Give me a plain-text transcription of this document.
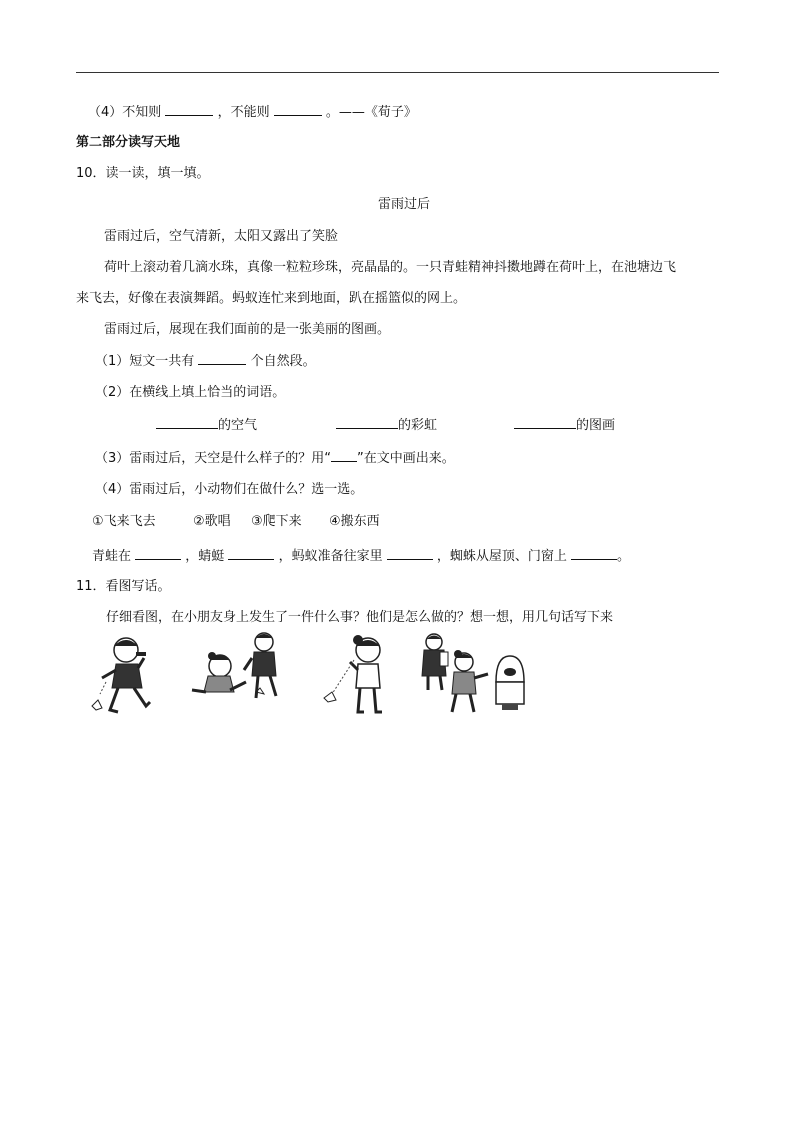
（4）不知则	，不能则	。——《荀子》
第二部分读写天地
10．读一读，填一填。
雷雨过后
雷雨过后，空气清新，太阳又露出了笑脸
荷叶上滚动着几滴水珠，真像一粒粒珍珠，亮晶晶的。一只青蛙精神抖擞地蹲在荷叶上，在池塘边飞
来飞去，好像在表演舞蹈。蚂蚁连忙来到地面，趴在摇篮似的网上。
雷雨过后，展现在我们面前的是一张美丽的图画。
（1）短文一共有	个自然段。
（2）在横线上填上恰当的词语。
的空气	的彩虹	的图画
（3）雷雨过后，天空是什么样子的？用“ ”在文中画出来。
（4）雷雨过后，小动物们在做什么？选一选。
①飞来飞去	②歌唱 ③爬下来 ④搬东西
青蛙在	，蜻蜓	，蚂蚁准备往家里	，蜘蛛从屋顶、门窗上	。
11．看图写话。
仔细看图，在小朋友身上发生了一件什么事？他们是怎么做的？想一想，用几句话写下来
